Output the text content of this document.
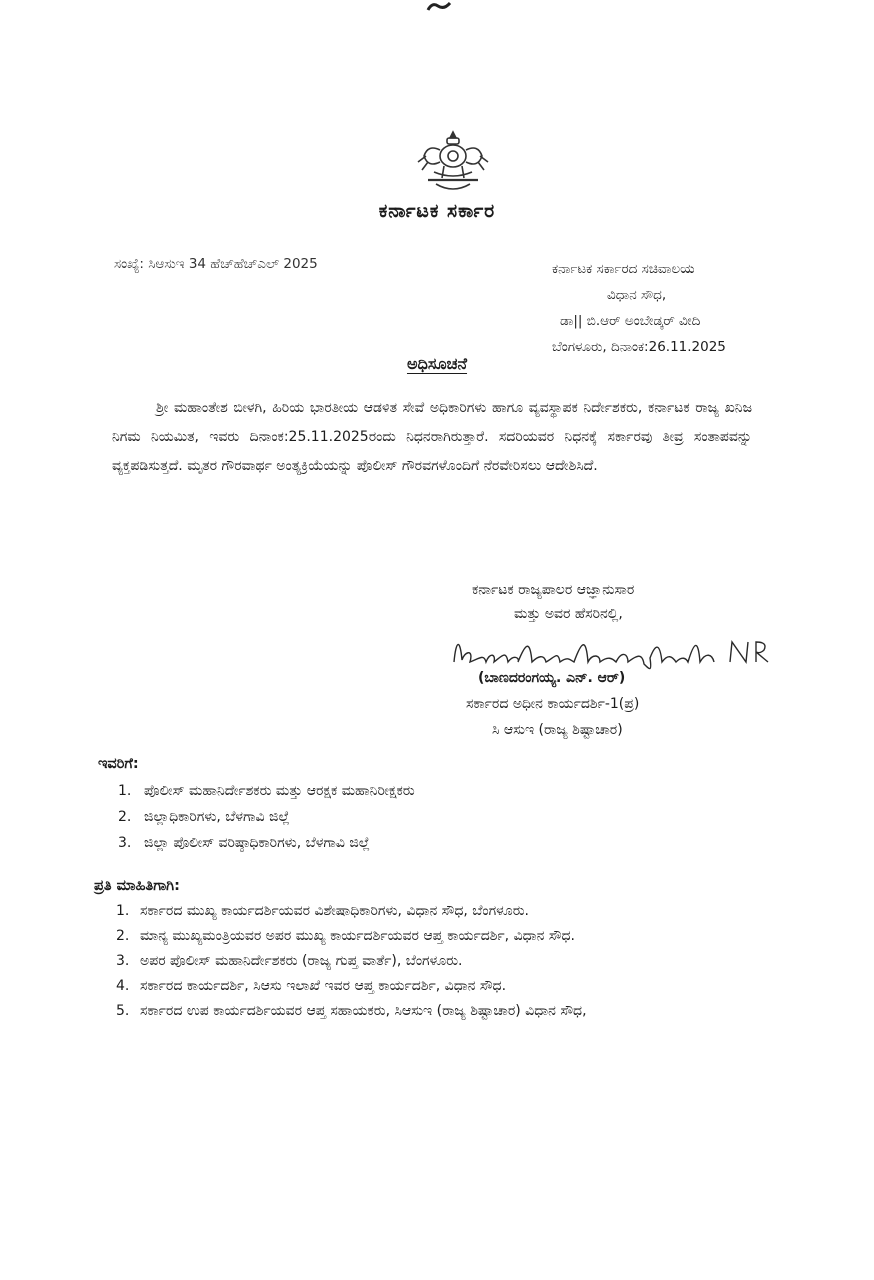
ಕರ್ನಾಟಕ ಸರ್ಕಾರ
ಸಂಖ್ಯೆ: ಸಿಆಸುಇ 34 ಹೆಚ್‌ಹೆಚ್‌ಎಲ್ 2025	ಕರ್ನಾಟಕ ಸರ್ಕಾರದ ಸಚಿವಾಲಯ
ವಿಧಾನ ಸೌಧ,
ಡಾ|| ಬಿ.ಆರ್ ಅಂಬೇಡ್ಕರ್ ವೀದಿ
ಬೆಂಗಳೂರು, ದಿನಾಂಕ:26.11.2025
ಅಧಿಸೂಚನೆ
ಶ್ರೀ ಮಹಾಂತೇಶ ಬೀಳಗಿ, ಹಿರಿಯ ಭಾರತೀಯ ಆಡಳಿತ ಸೇವೆ ಅಧಿಕಾರಿಗಳು ಹಾಗೂ ವ್ಯವಸ್ಥಾಪಕ ನಿರ್ದೇಶಕರು, ಕರ್ನಾಟಕ ರಾಜ್ಯ ಖನಿಜ ನಿಗಮ ನಿಯಮಿತ, ಇವರು ದಿನಾಂಕ:25.11.2025ರಂದು ನಿಧನರಾಗಿರುತ್ತಾರೆ. ಸದರಿಯವರ ನಿಧನಕ್ಕೆ ಸರ್ಕಾರವು ತೀವ್ರ ಸಂತಾಪವನ್ನು ವ್ಯಕ್ತಪಡಿಸುತ್ತದೆ. ಮೃತರ ಗೌರವಾರ್ಥ ಅಂತ್ಯಕ್ರಿಯೆಯನ್ನು ಪೊಲೀಸ್ ಗೌರವಗಳೊಂದಿಗೆ ನೆರವೇರಿಸಲು ಆದೇಶಿಸಿದೆ.
ಕರ್ನಾಟಕ ರಾಜ್ಯಪಾಲರ ಆಜ್ಞಾನುಸಾರ
ಮತ್ತು ಅವರ ಹೆಸರಿನಲ್ಲಿ,
(ಬಾಣದರಂಗಯ್ಯ. ಎನ್. ಆರ್)
ಸರ್ಕಾರದ ಅಧೀನ ಕಾರ್ಯದರ್ಶಿ-1(ಪ್ರ)
ಸಿ ಆಸುಇ (ರಾಜ್ಯ ಶಿಷ್ಟಾಚಾರ)
ಇವರಿಗೆ:
1. ಪೊಲೀಸ್ ಮಹಾನಿರ್ದೇಶಕರು ಮತ್ತು ಆರಕ್ಷಕ ಮಹಾನಿರೀಕ್ಷಕರು
2. ಜಿಲ್ಲಾಧಿಕಾರಿಗಳು, ಬೆಳಗಾವಿ ಜಿಲ್ಲೆ
3. ಜಿಲ್ಲಾ ಪೊಲೀಸ್ ವರಿಷ್ಠಾಧಿಕಾರಿಗಳು, ಬೆಳಗಾವಿ ಜಿಲ್ಲೆ
ಪ್ರತಿ ಮಾಹಿತಿಗಾಗಿ:
1. ಸರ್ಕಾರದ ಮುಖ್ಯ ಕಾರ್ಯದರ್ಶಿಯವರ ವಿಶೇಷಾಧಿಕಾರಿಗಳು, ವಿಧಾನ ಸೌಧ, ಬೆಂಗಳೂರು.
2. ಮಾನ್ಯ ಮುಖ್ಯಮಂತ್ರಿಯವರ ಅಪರ ಮುಖ್ಯ ಕಾರ್ಯದರ್ಶಿಯವರ ಆಪ್ತ ಕಾರ್ಯದರ್ಶಿ, ವಿಧಾನ ಸೌಧ.
3. ಅಪರ ಪೊಲೀಸ್ ಮಹಾನಿರ್ದೇಶಕರು (ರಾಜ್ಯ ಗುಪ್ತ ವಾರ್ತೆ), ಬೆಂಗಳೂರು.
4. ಸರ್ಕಾರದ ಕಾರ್ಯದರ್ಶಿ, ಸಿಆಸು ಇಲಾಖೆ ಇವರ ಆಪ್ತ ಕಾರ್ಯದರ್ಶಿ, ವಿಧಾನ ಸೌಧ.
5. ಸರ್ಕಾರದ ಉಪ ಕಾರ್ಯದರ್ಶಿಯವರ ಆಪ್ತ ಸಹಾಯಕರು, ಸಿಆಸುಇ (ರಾಜ್ಯ ಶಿಷ್ಟಾಚಾರ) ವಿಧಾನ ಸೌಧ,
